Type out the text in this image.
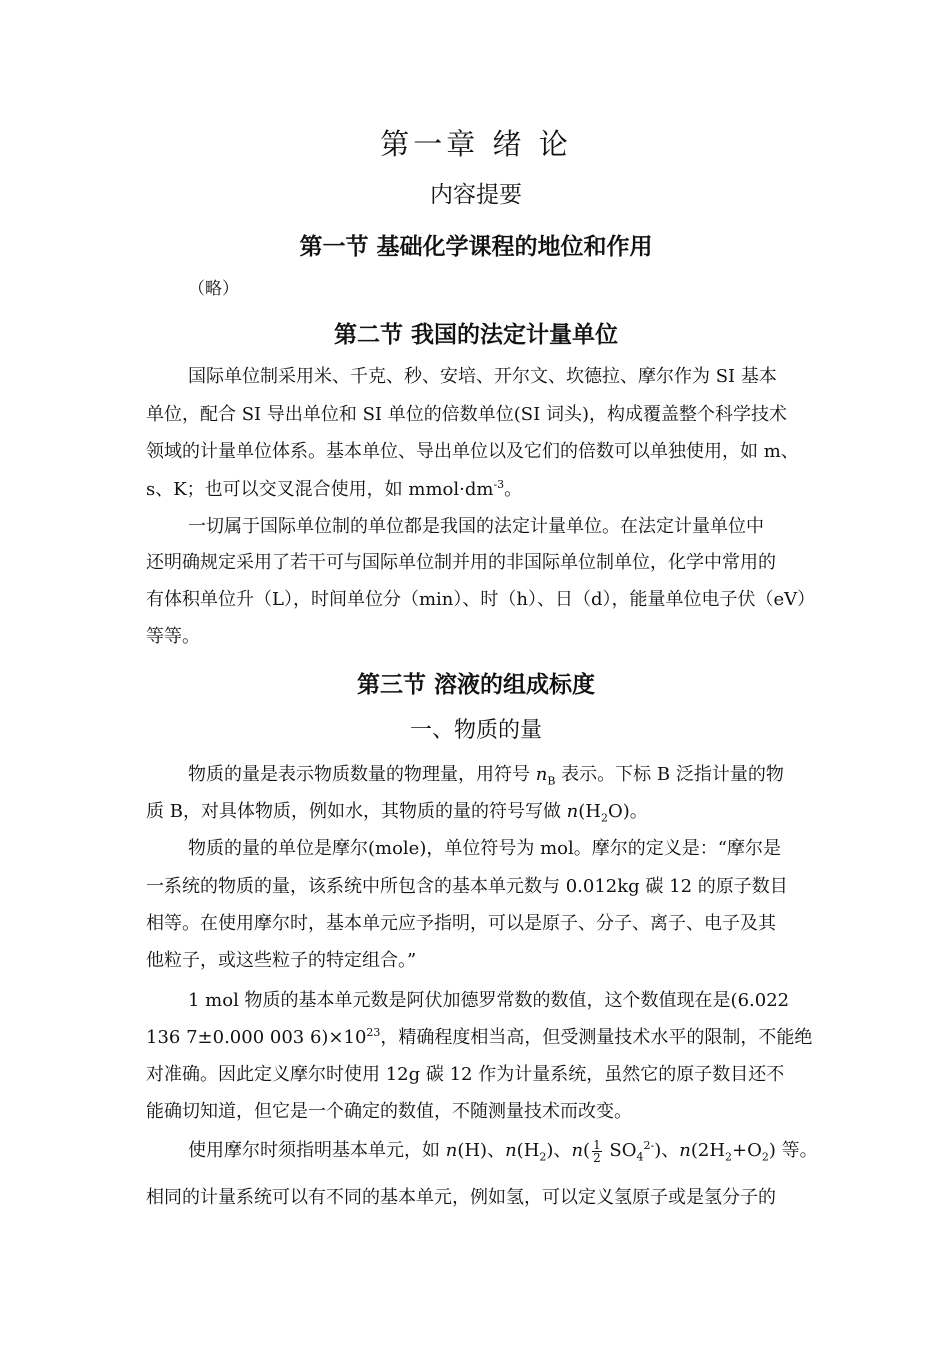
第一章 绪 论
内容提要
第一节 基础化学课程的地位和作用
（略）
第二节 我国的法定计量单位
国际单位制采用米、千克、秒、安培、开尔文、坎德拉、摩尔作为 SI 基本
单位，配合 SI 导出单位和 SI 单位的倍数单位(SI 词头)，构成覆盖整个科学技术
领域的计量单位体系。基本单位、导出单位以及它们的倍数可以单独使用，如 m、
s、K；也可以交叉混合使用，如 $mmol\cdot dm^{-3}$。
一切属于国际单位制的单位都是我国的法定计量单位。在法定计量单位中
还明确规定采用了若干可与国际单位制并用的非国际单位制单位，化学中常用的
有体积单位升（L），时间单位分（min）、时（h）、日（d），能量单位电子伏（eV）
等等。
第三节 溶液的组成标度
一、物质的量
物质的量是表示物质数量的物理量，用符号 $n_B$ 表示。下标 B 泛指计量的物
质 B，对具体物质，例如水，其物质的量的符号写做 $n(H_2O)$。
物质的量的单位是摩尔(mole)，单位符号为 mol。摩尔的定义是：“摩尔是
一系统的物质的量，该系统中所包含的基本单元数与 0.012kg 碳 12 的原子数目
相等。在使用摩尔时，基本单元应予指明，可以是原子、分子、离子、电子及其
他粒子，或这些粒子的特定组合。”
1 mol 物质的基本单元数是阿伏加德罗常数的数值，这个数值现在是(6.022
136 7±0.000 003 $6)\times 10^{23}$，精确程度相当高，但受测量技术水平的限制，不能绝
对准确。因此定义摩尔时使用 12g 碳 12 作为计量系统，虽然它的原子数目还不
能确切知道，但它是一个确定的数值，不随测量技术而改变。
使用摩尔时须指明基本单元，如 n(H)、$n(H_2)$、$n( \frac{1}{2} SO_4^{2-})$、$n(2H_2+O_2)$ 等。
相同的计量系统可以有不同的基本单元，例如氢，可以定义氢原子或是氢分子的
